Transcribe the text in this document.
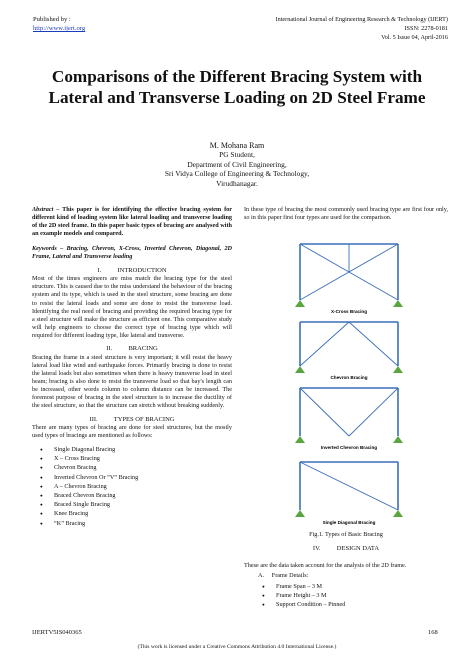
Published by :
http://www.ijert.org
International Journal of Engineering Research & Technology (IJERT)
ISSN: 2278-0181
Vol. 5 Issue 04, April-2016
Comparisons of the Different Bracing System with Lateral and Transverse Loading on 2D Steel Frame
M. Mohana Ram
PG Student,
Department of Civil Engineering,
Sri Vidya College of Engineering & Technology,
Virudhanagar.
Abstract – This paper is for identifying the effective bracing system for different kind of loading system like lateral loading and transverse loading of the 2D steel frame. In this paper basic types of bracing are analysed with an example models and compared.
Keywords – Bracing, Chevron, X-Cross, Inverted Chevron, Diagonal, 2D Frame, Lateral and Transverse loading
I.          INTRODUCTION
Most of the times engineers are miss match the bracing type for the steel structure. This is caused due to the miss understand the behaviour of the bracing system and its type, which is used in the steel structure, some bracing are done to resist the lateral loads and some are done to resist the transverse load. Identifying the real need of bracing and providing the required bracing type for a steel structure will make the structure as efficient one. This comparative study will help engineers to choose the correct type of bracing type which will required for different loading type, like lateral and transverse.
II.          BRACING
Bracing the frame in a steel structure is very important; it will resist the heavy lateral load like wind and earthquake forces. Primarily bracing is done to resist the lateral loads but also sometimes when there is heavy transverse load in steel beam; bracing is also done to resist the transverse load so that bay's length can be increased, other words column to column distance can be increased. The foremost purpose of bracing in the steel structure is to increase the ductility of the steel structure, so that the structure can stretch without breaking suddenly.
III.          TYPES OF BRACING
There are many types of bracing are done for steel structures, but the mostly used types of bracings are mentioned as follows:
● Single Diagonal Bracing
● X – Cross Bracing
● Chevron Bracing
● Inverted Chevron Or “V” Bracing
● A – Chevron Bracing
● Braced Chevron Bracing
● Braced Single Bracing
● Knee Bracing
● “K” Bracing
In these type of bracing the most commonly used bracing type are first four only, so in this paper first four types are used for the comparison.
X-Cross Bracing
Chevron Bracing
Inverted Chevron Bracing
Single Diagonal Bracing
Fig.1. Types of Basic Bracing
IV.          DESIGN DATA
These are the data taken account for the analysis of the 2D frame.
A.     Frame Details:
● Frame Span – 3 M
● Frame Height – 3 M
● Support Condition – Pinned
IJERTV5IS040365	168
(This work is licensed under a Creative Commons Attribution 4.0 International License.)
